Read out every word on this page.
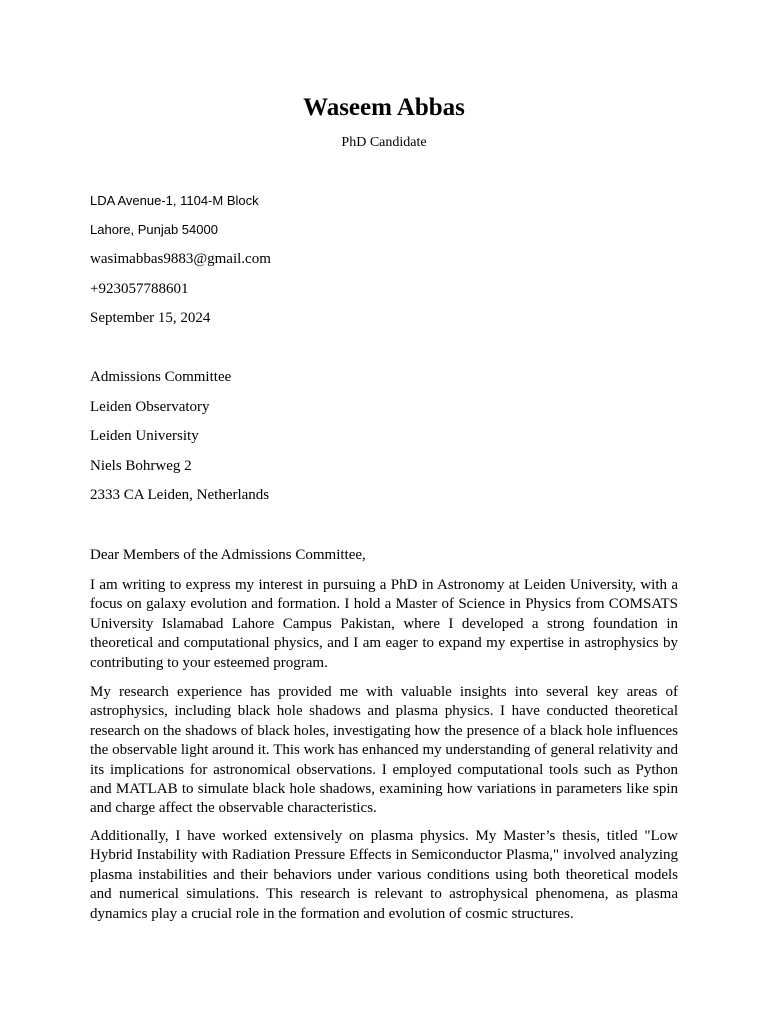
Waseem Abbas
PhD Candidate
LDA Avenue-1, 1104-M Block
Lahore, Punjab 54000
wasimabbas9883@gmail.com
+923057788601
September 15, 2024
Admissions Committee
Leiden Observatory
Leiden University
Niels Bohrweg 2
2333 CA Leiden, Netherlands
Dear Members of the Admissions Committee,

I am writing to express my interest in pursuing a PhD in Astronomy at Leiden University, with a focus on galaxy evolution and formation. I hold a Master of Science in Physics from COMSATS University Islamabad Lahore Campus Pakistan, where I developed a strong foundation in theoretical and computational physics, and I am eager to expand my expertise in astrophysics by contributing to your esteemed program.

My research experience has provided me with valuable insights into several key areas of astrophysics, including black hole shadows and plasma physics. I have conducted theoretical research on the shadows of black holes, investigating how the presence of a black hole influences the observable light around it. This work has enhanced my understanding of general relativity and its implications for astronomical observations. I employed computational tools such as Python and MATLAB to simulate black hole shadows, examining how variations in parameters like spin and charge affect the observable characteristics.

Additionally, I have worked extensively on plasma physics. My Master’s thesis, titled "Low Hybrid Instability with Radiation Pressure Effects in Semiconductor Plasma," involved analyzing plasma instabilities and their behaviors under various conditions using both theoretical models and numerical simulations. This research is relevant to astrophysical phenomena, as plasma dynamics play a crucial role in the formation and evolution of cosmic structures.
